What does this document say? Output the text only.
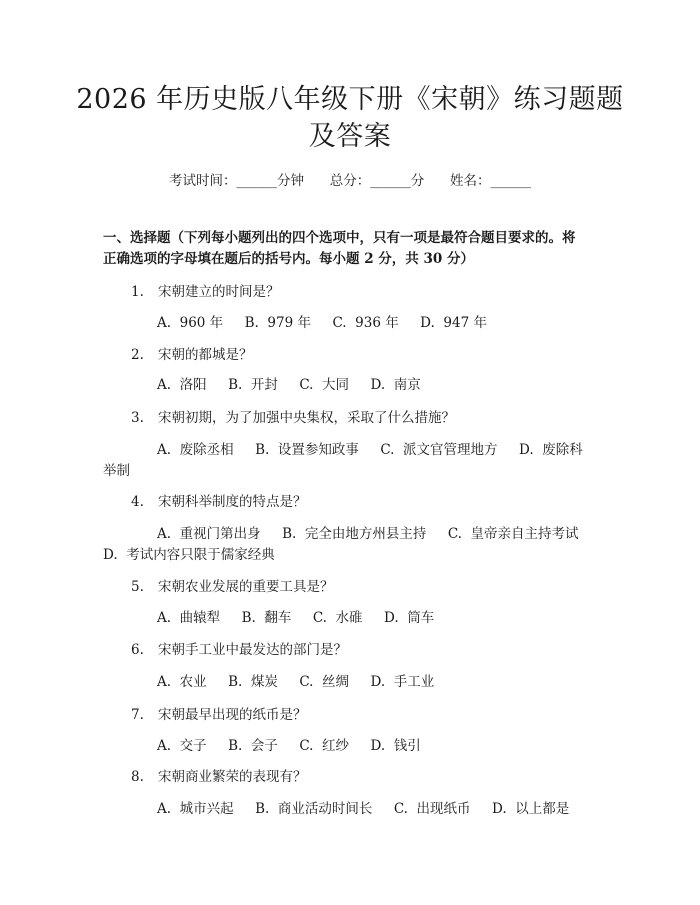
2026 年历史版八年级下册《宋朝》练习题题
及答案
考试时间：______分钟      总分：______分      姓名：______
一、选择题（下列每小题列出的四个选项中，只有一项是最符合题目要求的。将
正确选项的字母填在题后的括号内。每小题 2 分，共 30 分）
1. 宋朝建立的时间是？
A.  960 年     B.  979 年     C.  936 年     D.  947 年
2. 宋朝的都城是？
A.  洛阳     B.  开封     C.  大同     D.  南京
3. 宋朝初期，为了加强中央集权，采取了什么措施？
A.  废除丞相     B.  设置参知政事     C.  派文官管理地方     D.  废除科
举制
4. 宋朝科举制度的特点是？
A.  重视门第出身     B.  完全由地方州县主持     C.  皇帝亲自主持考试
D.  考试内容只限于儒家经典
5. 宋朝农业发展的重要工具是？
A.  曲辕犁     B.  翻车     C.  水碓     D.  筒车
6. 宋朝手工业中最发达的部门是？
A.  农业     B.  煤炭     C.  丝绸     D.  手工业
7. 宋朝最早出现的纸币是？
A.  交子     B.  会子     C.  红纱     D.  钱引
8. 宋朝商业繁荣的表现有？
A.  城市兴起     B.  商业活动时间长     C.  出现纸币     D.  以上都是
